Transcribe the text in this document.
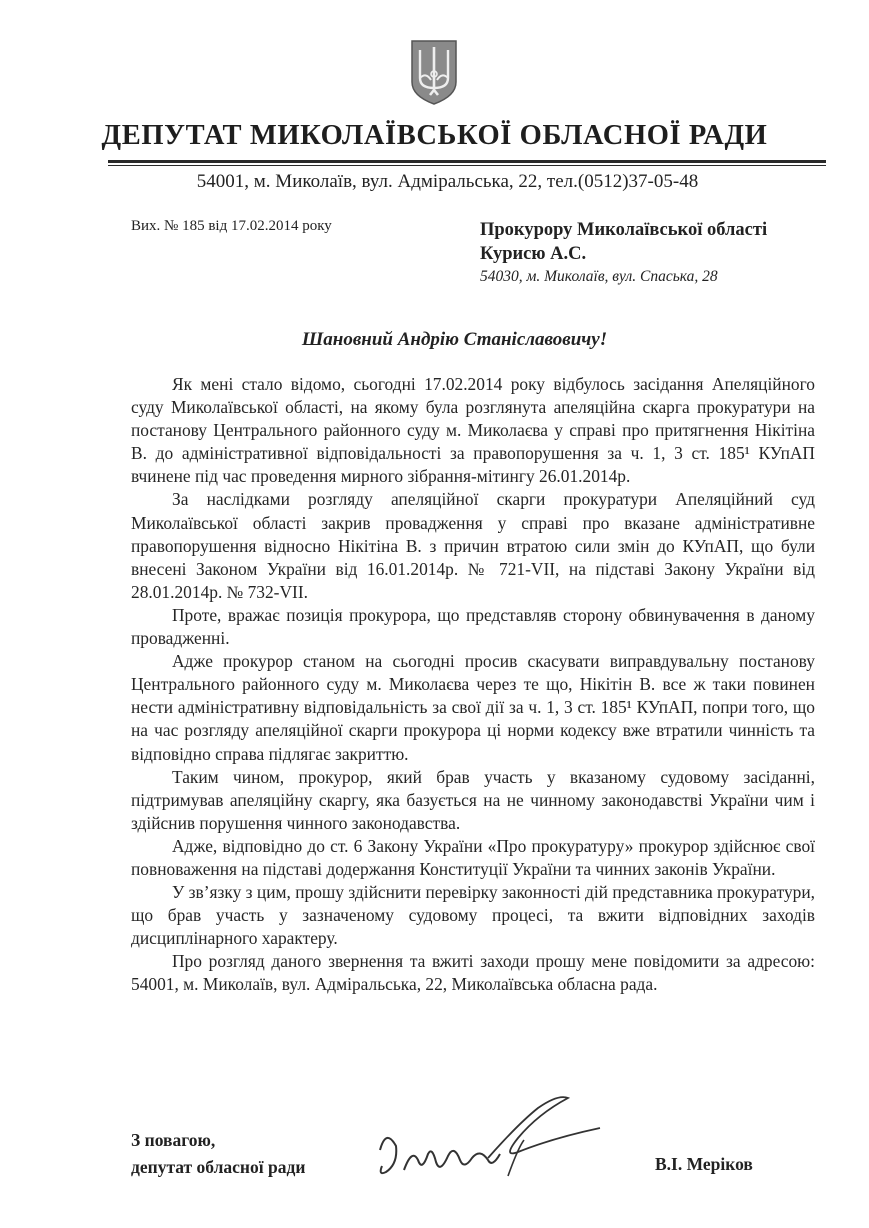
ДЕПУТАТ МИКОЛАЇВСЬКОЇ ОБЛАСНОЇ РАДИ
54001, м. Миколаїв, вул. Адміральська, 22, тел.(0512)37-05-48
Вих. № 185 від 17.02.2014 року	Прокурору Миколаївської області
Курисю А.С.
54030, м. Миколаїв, вул. Спаська, 28
Шановний Андрію Станіславовичу!

Як мені стало відомо, сьогодні 17.02.2014 року відбулось засідання Апеляційного суду Миколаївської області, на якому була розглянута апеляційна скарга прокуратури на постанову Центрального районного суду м. Миколаєва у справі про притягнення Нікітіна В. до адміністративної відповідальності за правопорушення за ч. 1, 3 ст. 185¹ КУпАП вчинене під час проведення мирного зібрання-мітингу 26.01.2014р.

За наслідками розгляду апеляційної скарги прокуратури Апеляційний суд Миколаївської області закрив провадження у справі про вказане адміністративне правопорушення відносно Нікітіна В. з причин втратою сили змін до КУпАП, що були внесені Законом України від 16.01.2014р. № 721-VII, на підставі Закону України від 28.01.2014р. № 732-VII.

Проте, вражає позиція прокурора, що представляв сторону обвинувачення в даному провадженні.

Адже прокурор станом на сьогодні просив скасувати виправдувальну постанову Центрального районного суду м. Миколаєва через те що, Нікітін В. все ж таки повинен нести адміністративну відповідальність за свої дії за ч. 1, 3 ст. 185¹ КУпАП, попри того, що на час розгляду апеляційної скарги прокурора ці норми кодексу вже втратили чинність та відповідно справа підлягає закриттю.

Таким чином, прокурор, який брав участь у вказаному судовому засіданні, підтримував апеляційну скаргу, яка базується на не чинному законодавстві України чим і здійснив порушення чинного законодавства.

Адже, відповідно до ст. 6 Закону України «Про прокуратуру» прокурор здійснює свої повноваження на підставі додержання Конституції України та чинних законів України.

У зв’язку з цим, прошу здійснити перевірку законності дій представника прокуратури, що брав участь у зазначеному судовому процесі, та вжити відповідних заходів дисциплінарного характеру.

Про розгляд даного звернення та вжиті заходи прошу мене повідомити за адресою: 54001, м. Миколаїв, вул. Адміральська, 22, Миколаївська обласна рада.

З повагою,
депутат обласної ради	В.І. Меріков
